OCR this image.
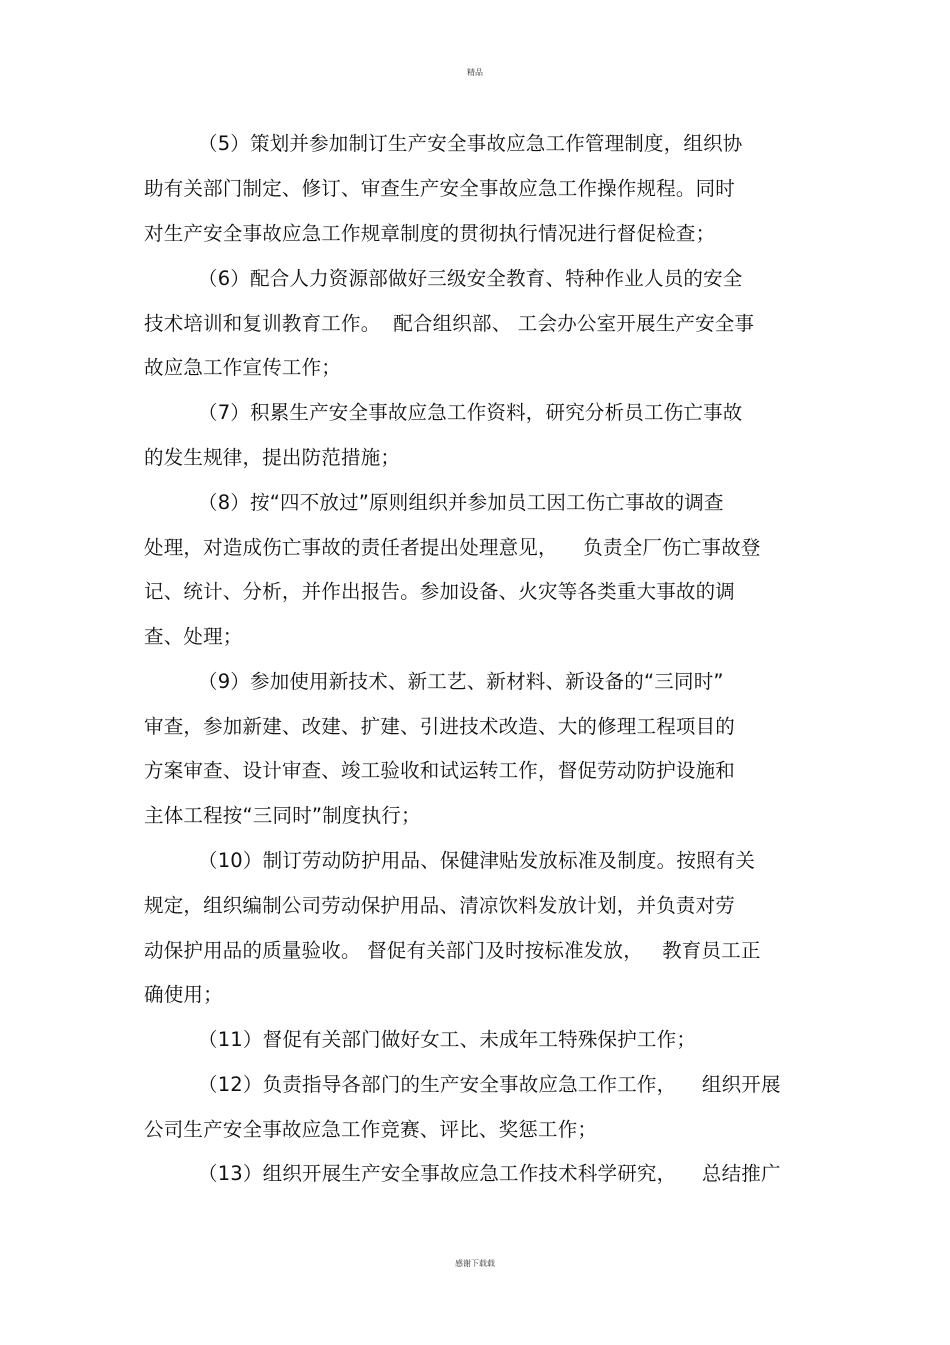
精品
（5）策划并参加制订生产安全事故应急工作管理制度，组织协
助有关部门制定、修订、审查生产安全事故应急工作操作规程。同时
对生产安全事故应急工作规章制度的贯彻执行情况进行督促检查；
（6）配合人力资源部做好三级安全教育、特种作业人员的安全
技术培训和复训教育工作。  配合组织部、 工会办公室开展生产安全事
故应急工作宣传工作；
（7）积累生产安全事故应急工作资料，研究分析员工伤亡事故
的发生规律，提出防范措施；
（8）按“四不放过”原则组织并参加员工因工伤亡事故的调查
处理，对造成伤亡事故的责任者提出处理意见，    负责全厂伤亡事故登
记、统计、分析，并作出报告。参加设备、火灾等各类重大事故的调
查、处理；
（9）参加使用新技术、新工艺、新材料、新设备的“三同时”
审查，参加新建、改建、扩建、引进技术改造、大的修理工程项目的
方案审查、设计审查、竣工验收和试运转工作，督促劳动防护设施和
主体工程按“三同时”制度执行；
（10）制订劳动防护用品、保健津贴发放标准及制度。按照有关
规定，组织编制公司劳动保护用品、清凉饮料发放计划，并负责对劳
动保护用品的质量验收。 督促有关部门及时按标准发放，   教育员工正
确使用；
（11）督促有关部门做好女工、未成年工特殊保护工作；
（12）负责指导各部门的生产安全事故应急工作工作，    组织开展
公司生产安全事故应急工作竞赛、评比、奖惩工作；
（13）组织开展生产安全事故应急工作技术科学研究，    总结推广
感谢下载载
